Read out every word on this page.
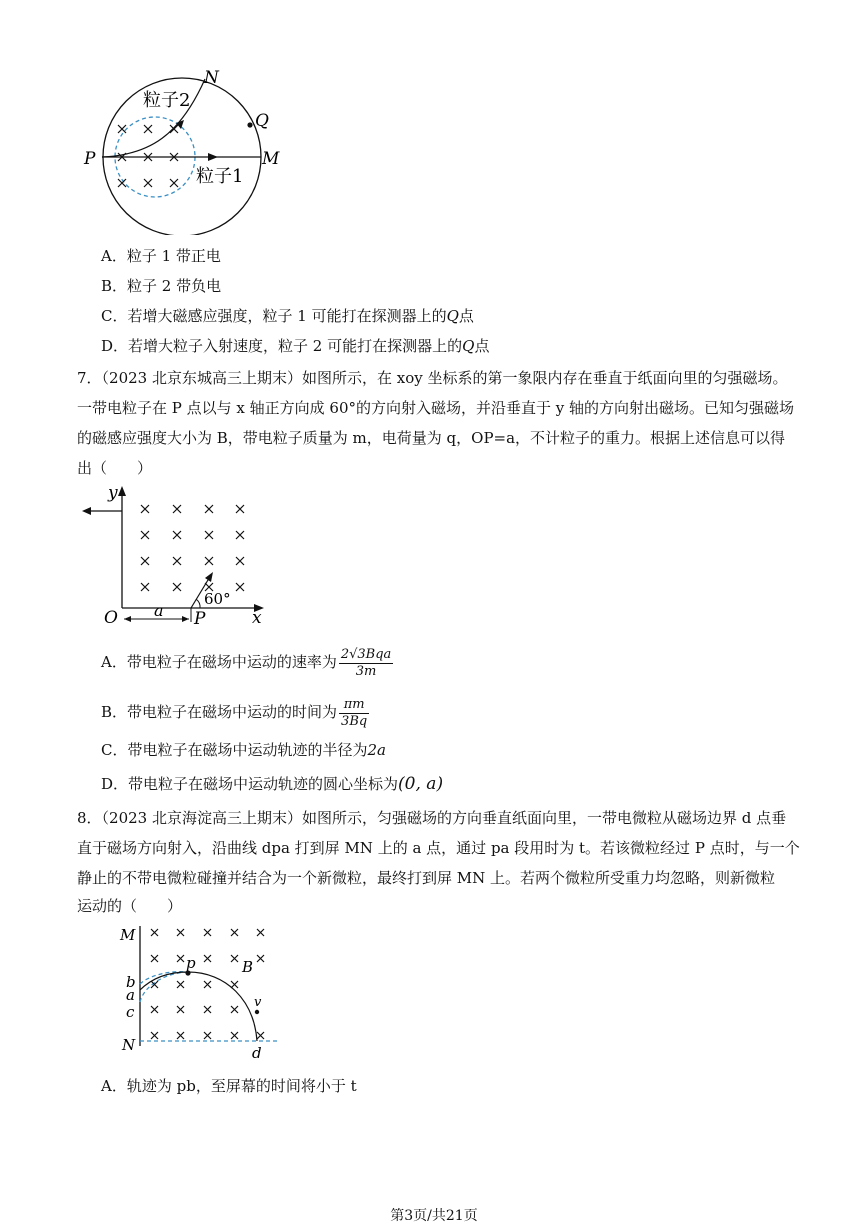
N
Q
P	M
粒子2
粒子1
A．粒子 1 带正电
B．粒子 2 带负电
C．若增大磁感应强度，粒子 1 可能打在探测器上的Q点
D．若增大粒子入射速度，粒子 2 可能打在探测器上的Q点
7．（2023 北京东城高三上期末）如图所示，在 xoy 坐标系的第一象限内存在垂直于纸面向里的匀强磁场。
一带电粒子在 P 点以与 x 轴正方向成 60°的方向射入磁场，并沿垂直于 y 轴的方向射出磁场。已知匀强磁场
的磁感应强度大小为 B，带电粒子质量为 m，电荷量为 q，OP=a，不计粒子的重力。根据上述信息可以得
出（　　）
y
x
O a P
60°
A．带电粒子在磁场中运动的速率为 $\frac{\text{2√3Bqa}}{3m}$
B．带电粒子在磁场中运动的时间为 $\frac{\pi m}{3Bq}$
C．带电粒子在磁场中运动轨迹的半径为2a
D．带电粒子在磁场中运动轨迹的圆心坐标为(0, a)
8．（2023 北京海淀高三上期末）如图所示，匀强磁场的方向垂直纸面向里，一带电微粒从磁场边界 d 点垂
直于磁场方向射入，沿曲线 dpa 打到屏 MN 上的 a 点，通过 pa 段用时为 t。若该微粒经过 P 点时，与一个
静止的不带电微粒碰撞并结合为一个新微粒，最终打到屏 MN 上。若两个微粒所受重力均忽略，则新微粒
运动的（　　）
M
N
b
a
c
p	B
v
d
A．轨迹为 pb，至屏幕的时间将小于 t
第3页/共21页
